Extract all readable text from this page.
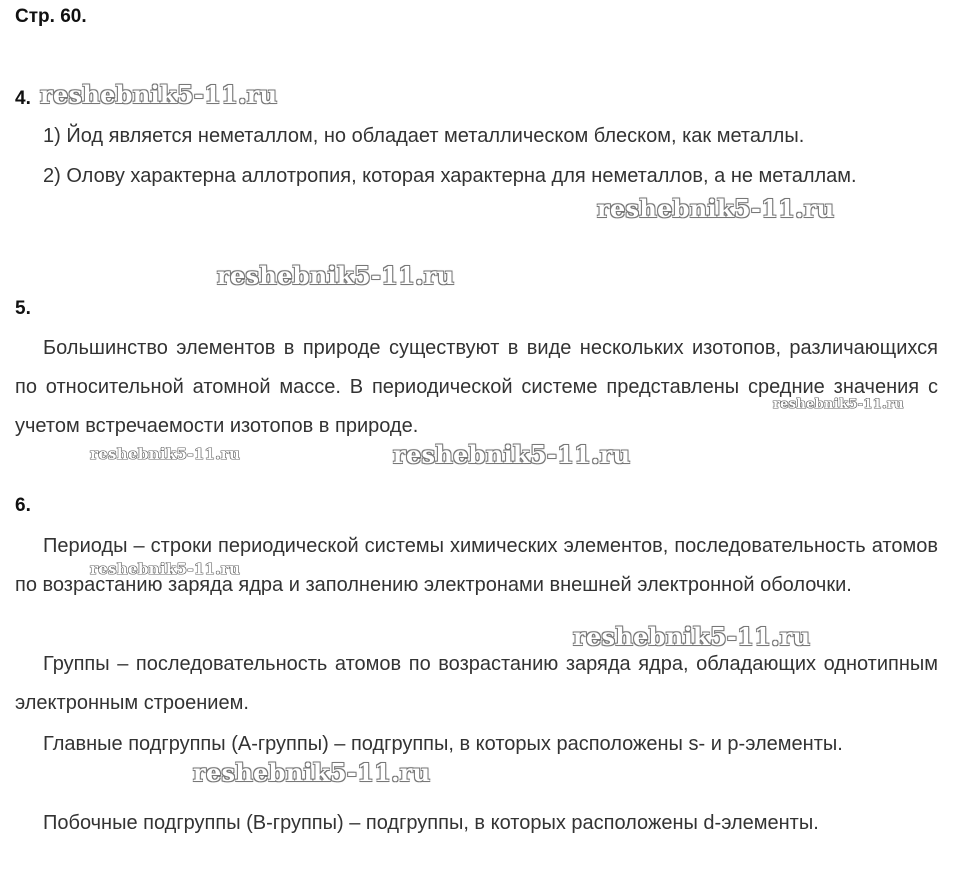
Стр. 60.
4.

1) Йод является неметаллом, но обладает металлическом блеском, как металлы.

2) Олову характерна аллотропия, которая характерна для неметаллов, а не металлам.

5.

Большинство элементов в природе существуют в виде нескольких изотопов, различающихся по относительной атомной массе. В периодической системе представлены средние значения с учетом встречаемости изотопов в природе.

6.

Периоды – строки периодической системы химических элементов, последовательность атомов по возрастанию заряда ядра и заполнению электронами внешней электронной оболочки.

Группы – последовательность атомов по возрастанию заряда ядра, обладающих однотипным электронным строением.

Главные подгруппы (А-группы) – подгруппы, в которых расположены s- и p-элементы.

Побочные подгруппы (В-группы) – подгруппы, в которых расположены d-элементы.

reshebnik5-11.ru
reshebnik5-11.ru
reshebnik5-11.ru
reshebnik5-11.ru
reshebnik5-11.ru	reshebnik5-11.ru
reshebnik5-11.ru
reshebnik5-11.ru
reshebnik5-11.ru
